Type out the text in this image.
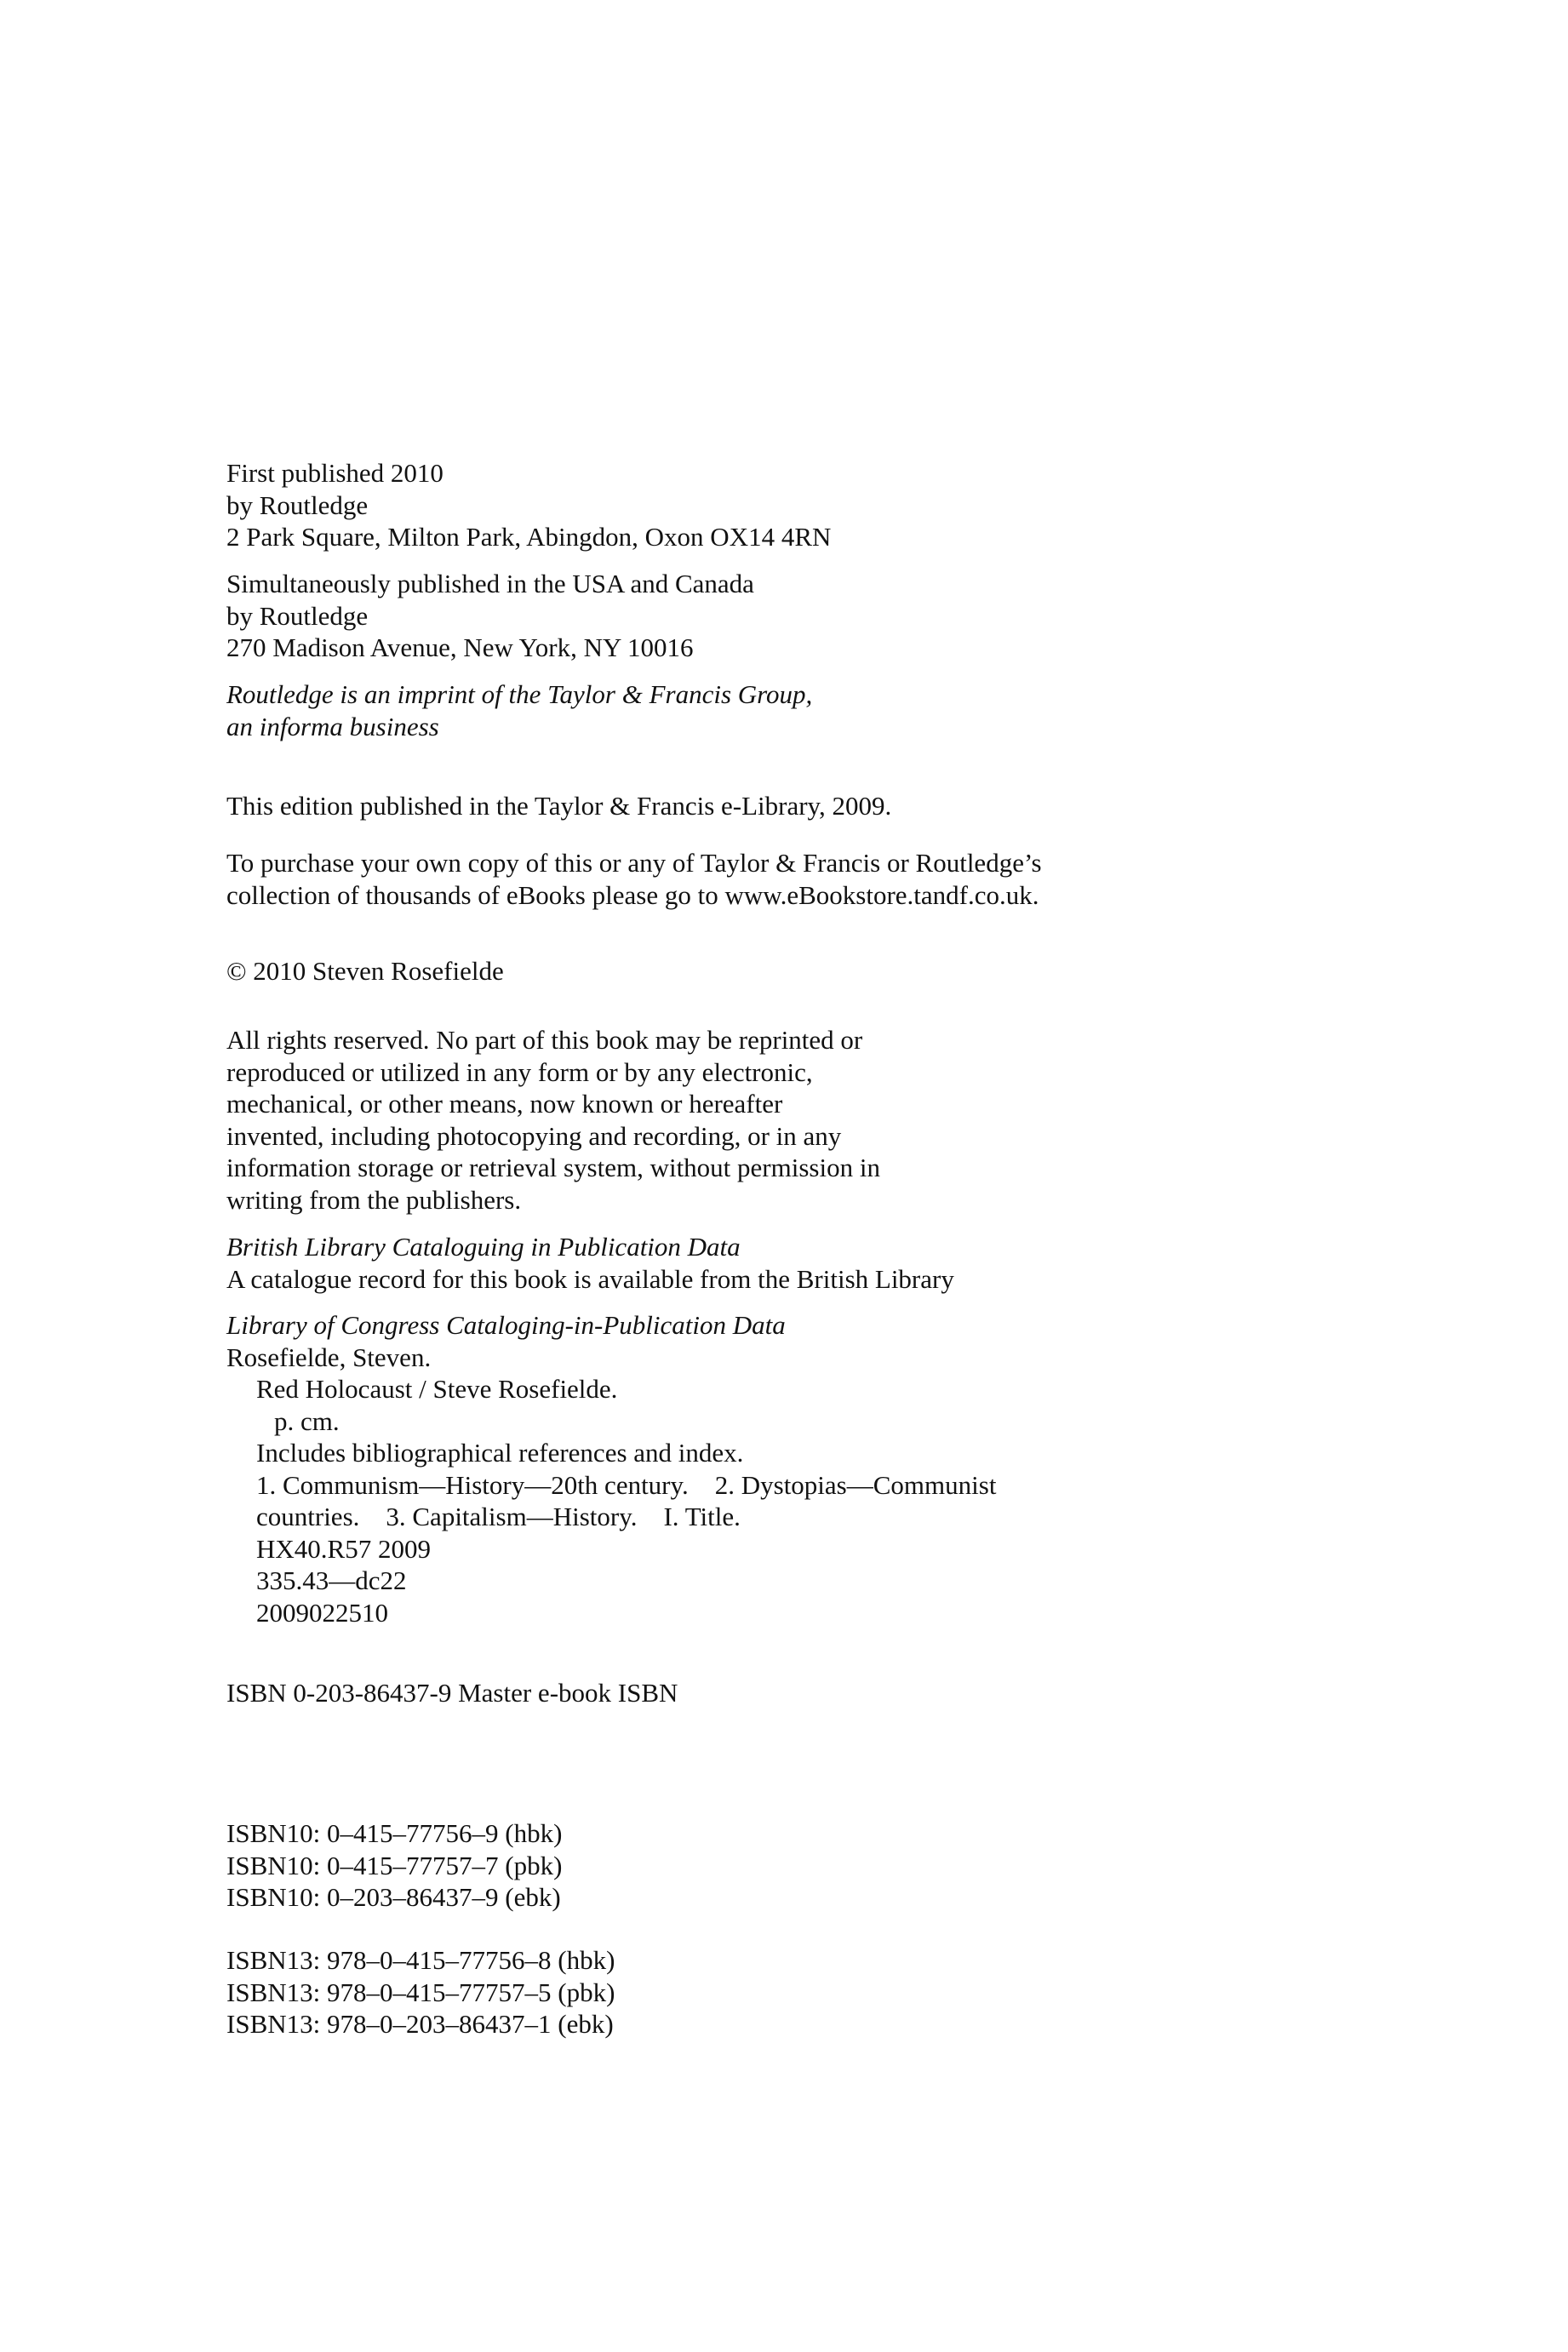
First published 2010
by Routledge
2 Park Square, Milton Park, Abingdon, Oxon OX14 4RN
Simultaneously published in the USA and Canada
by Routledge
270 Madison Avenue, New York, NY 10016
Routledge is an imprint of the Taylor & Francis Group,
an informa business
This edition published in the Taylor & Francis e-Library, 2009.
To purchase your own copy of this or any of Taylor & Francis or Routledge’s
collection of thousands of eBooks please go to www.eBookstore.tandf.co.uk.
© 2010 Steven Rosefielde
All rights reserved. No part of this book may be reprinted or
reproduced or utilized in any form or by any electronic,
mechanical, or other means, now known or hereafter
invented, including photocopying and recording, or in any
information storage or retrieval system, without permission in
writing from the publishers.
British Library Cataloguing in Publication Data
A catalogue record for this book is available from the British Library
Library of Congress Cataloging-in-Publication Data
Rosefielde, Steven.
Red Holocaust / Steve Rosefielde.
p. cm.
Includes bibliographical references and index.
1. Communism—History—20th century.    2. Dystopias—Communist
countries.    3. Capitalism—History.    I. Title.
HX40.R57 2009
335.43—dc22
2009022510
ISBN 0-203-86437-9 Master e-book ISBN
ISBN10: 0–415–77756–9 (hbk)
ISBN10: 0–415–77757–7 (pbk)
ISBN10: 0–203–86437–9 (ebk)
ISBN13: 978–0–415–77756–8 (hbk)
ISBN13: 978–0–415–77757–5 (pbk)
ISBN13: 978–0–203–86437–1 (ebk)
